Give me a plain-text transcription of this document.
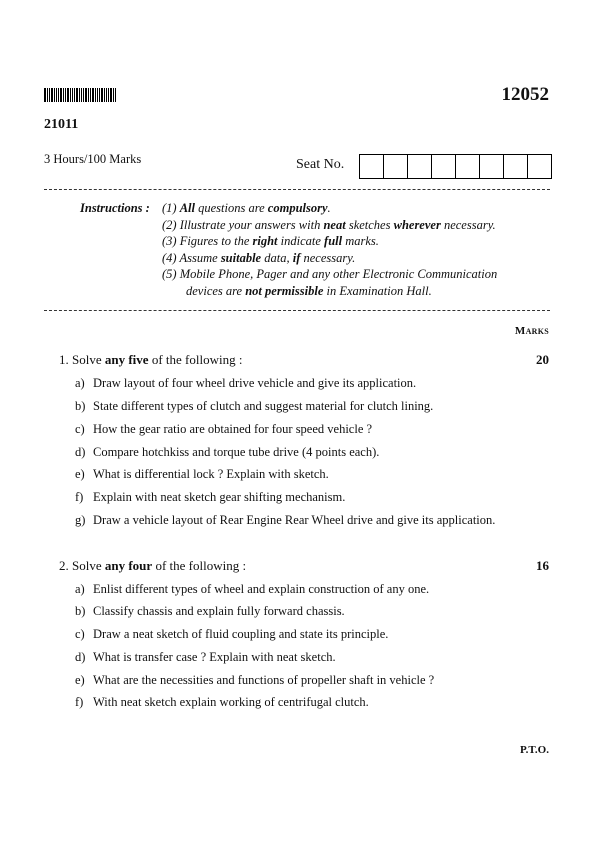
12052
21011
3 Hours/100 Marks	Seat No.
Instructions : (1) All questions are compulsory.
(2) Illustrate your answers with neat sketches wherever necessary.
(3) Figures to the right indicate full marks.
(4) Assume suitable data, if necessary.
(5) Mobile Phone, Pager and any other Electronic Communication
devices are not permissible in Examination Hall.
Marks
1. Solve any five of the following :	20
a) Draw layout of four wheel drive vehicle and give its application.
b) State different types of clutch and suggest material for clutch lining.
c) How the gear ratio are obtained for four speed vehicle ?
d) Compare hotchkiss and torque tube drive (4 points each).
e) What is differential lock ? Explain with sketch.
f) Explain with neat sketch gear shifting mechanism.
g) Draw a vehicle layout of Rear Engine Rear Wheel drive and give its application.
2. Solve any four of the following :	16
a) Enlist different types of wheel and explain construction of any one.
b) Classify chassis and explain fully forward chassis.
c) Draw a neat sketch of fluid coupling and state its principle.
d) What is transfer case ? Explain with neat sketch.
e) What are the necessities and functions of propeller shaft in vehicle ?
f) With neat sketch explain working of centrifugal clutch.
P.T.O.
